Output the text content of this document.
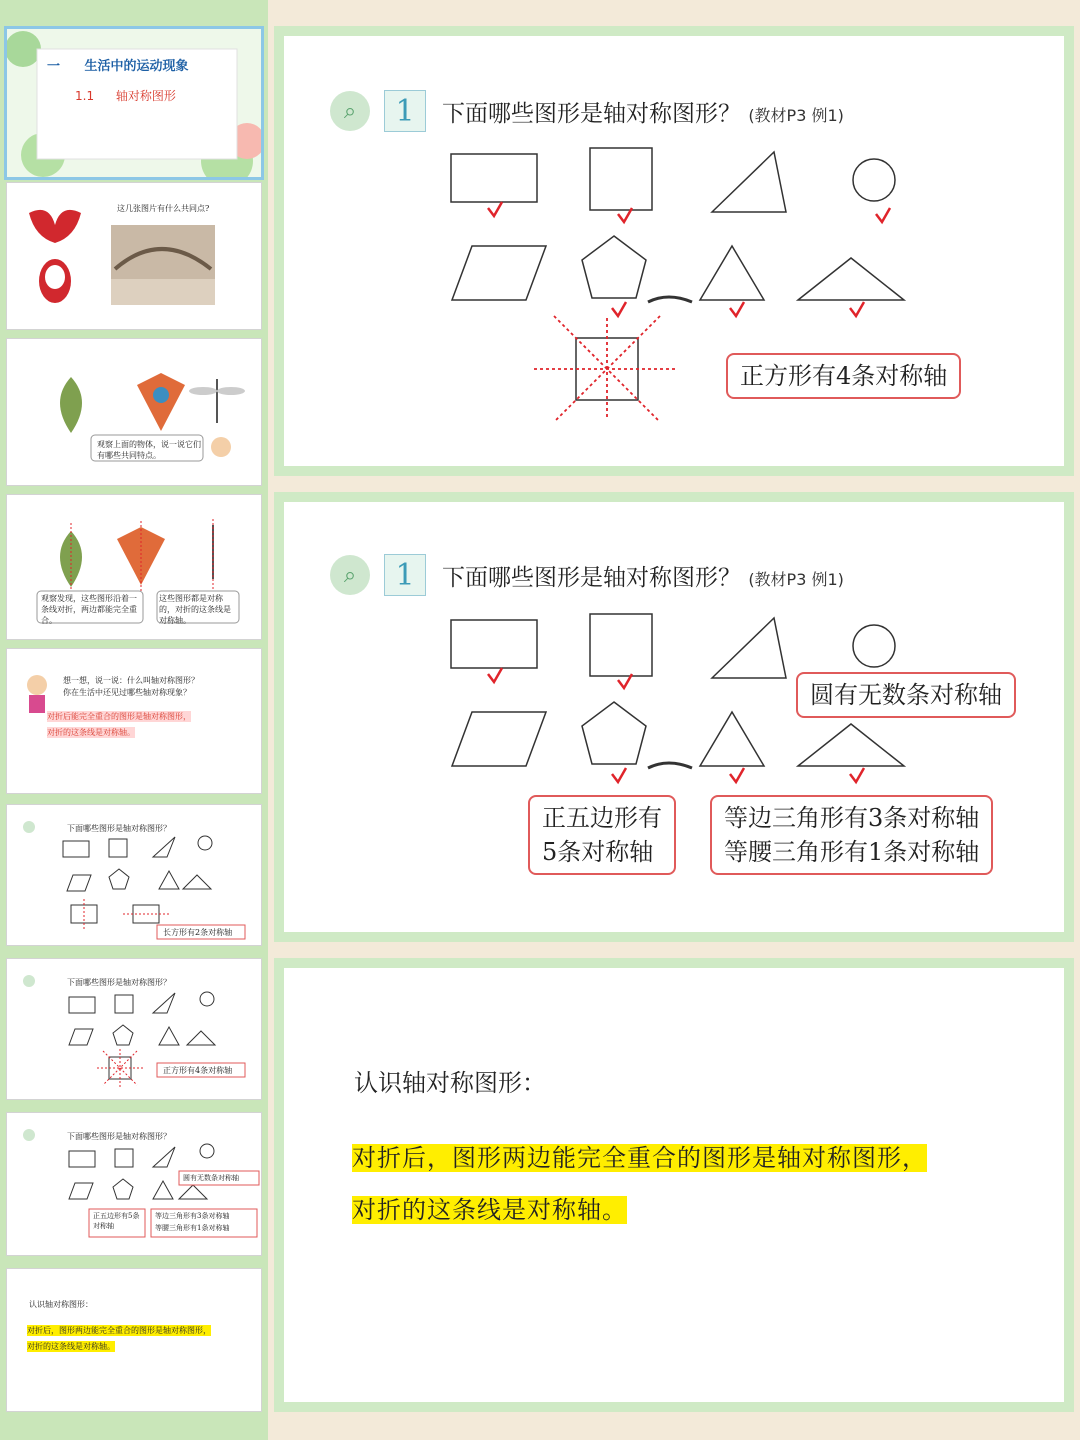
一 生活中的运动现象
1.1 轴对称图形
这几张图片有什么共同点?
观察上面的物体，说一说它们有哪些共同特点。
观察发现，这些图形沿着一条线对折，两边都能完全重合。
这些图形都是对称的，对折的这条线是对称轴。
想一想，说一说：什么叫轴对称图形？
你在生活中还见过哪些轴对称现象？
对折后能完全重合的图形是轴对称图形，
对折的这条线是对称轴。
下面哪些图形是轴对称图形？
长方形有2条对称轴
下面哪些图形是轴对称图形？
正方形有4条对称轴
下面哪些图形是轴对称图形？
圆有无数条对称轴
正五边形有5条对称轴
等边三角形有3条对称轴
等腰三角形有1条对称轴
认识轴对称图形：
对折后，图形两边能完全重合的图形是轴对称图形，
对折的这条线是对称轴。
⌕	1	下面哪些图形是轴对称图形？ (教材P3 例1)
正方形有4条对称轴
⌕	1	下面哪些图形是轴对称图形？ (教材P3 例1)
圆有无数条对称轴
正五边形有
5条对称轴
等边三角形有3条对称轴
等腰三角形有1条对称轴
认识轴对称图形：
对折后，图形两边能完全重合的图形是轴对称图形，
对折的这条线是对称轴。
